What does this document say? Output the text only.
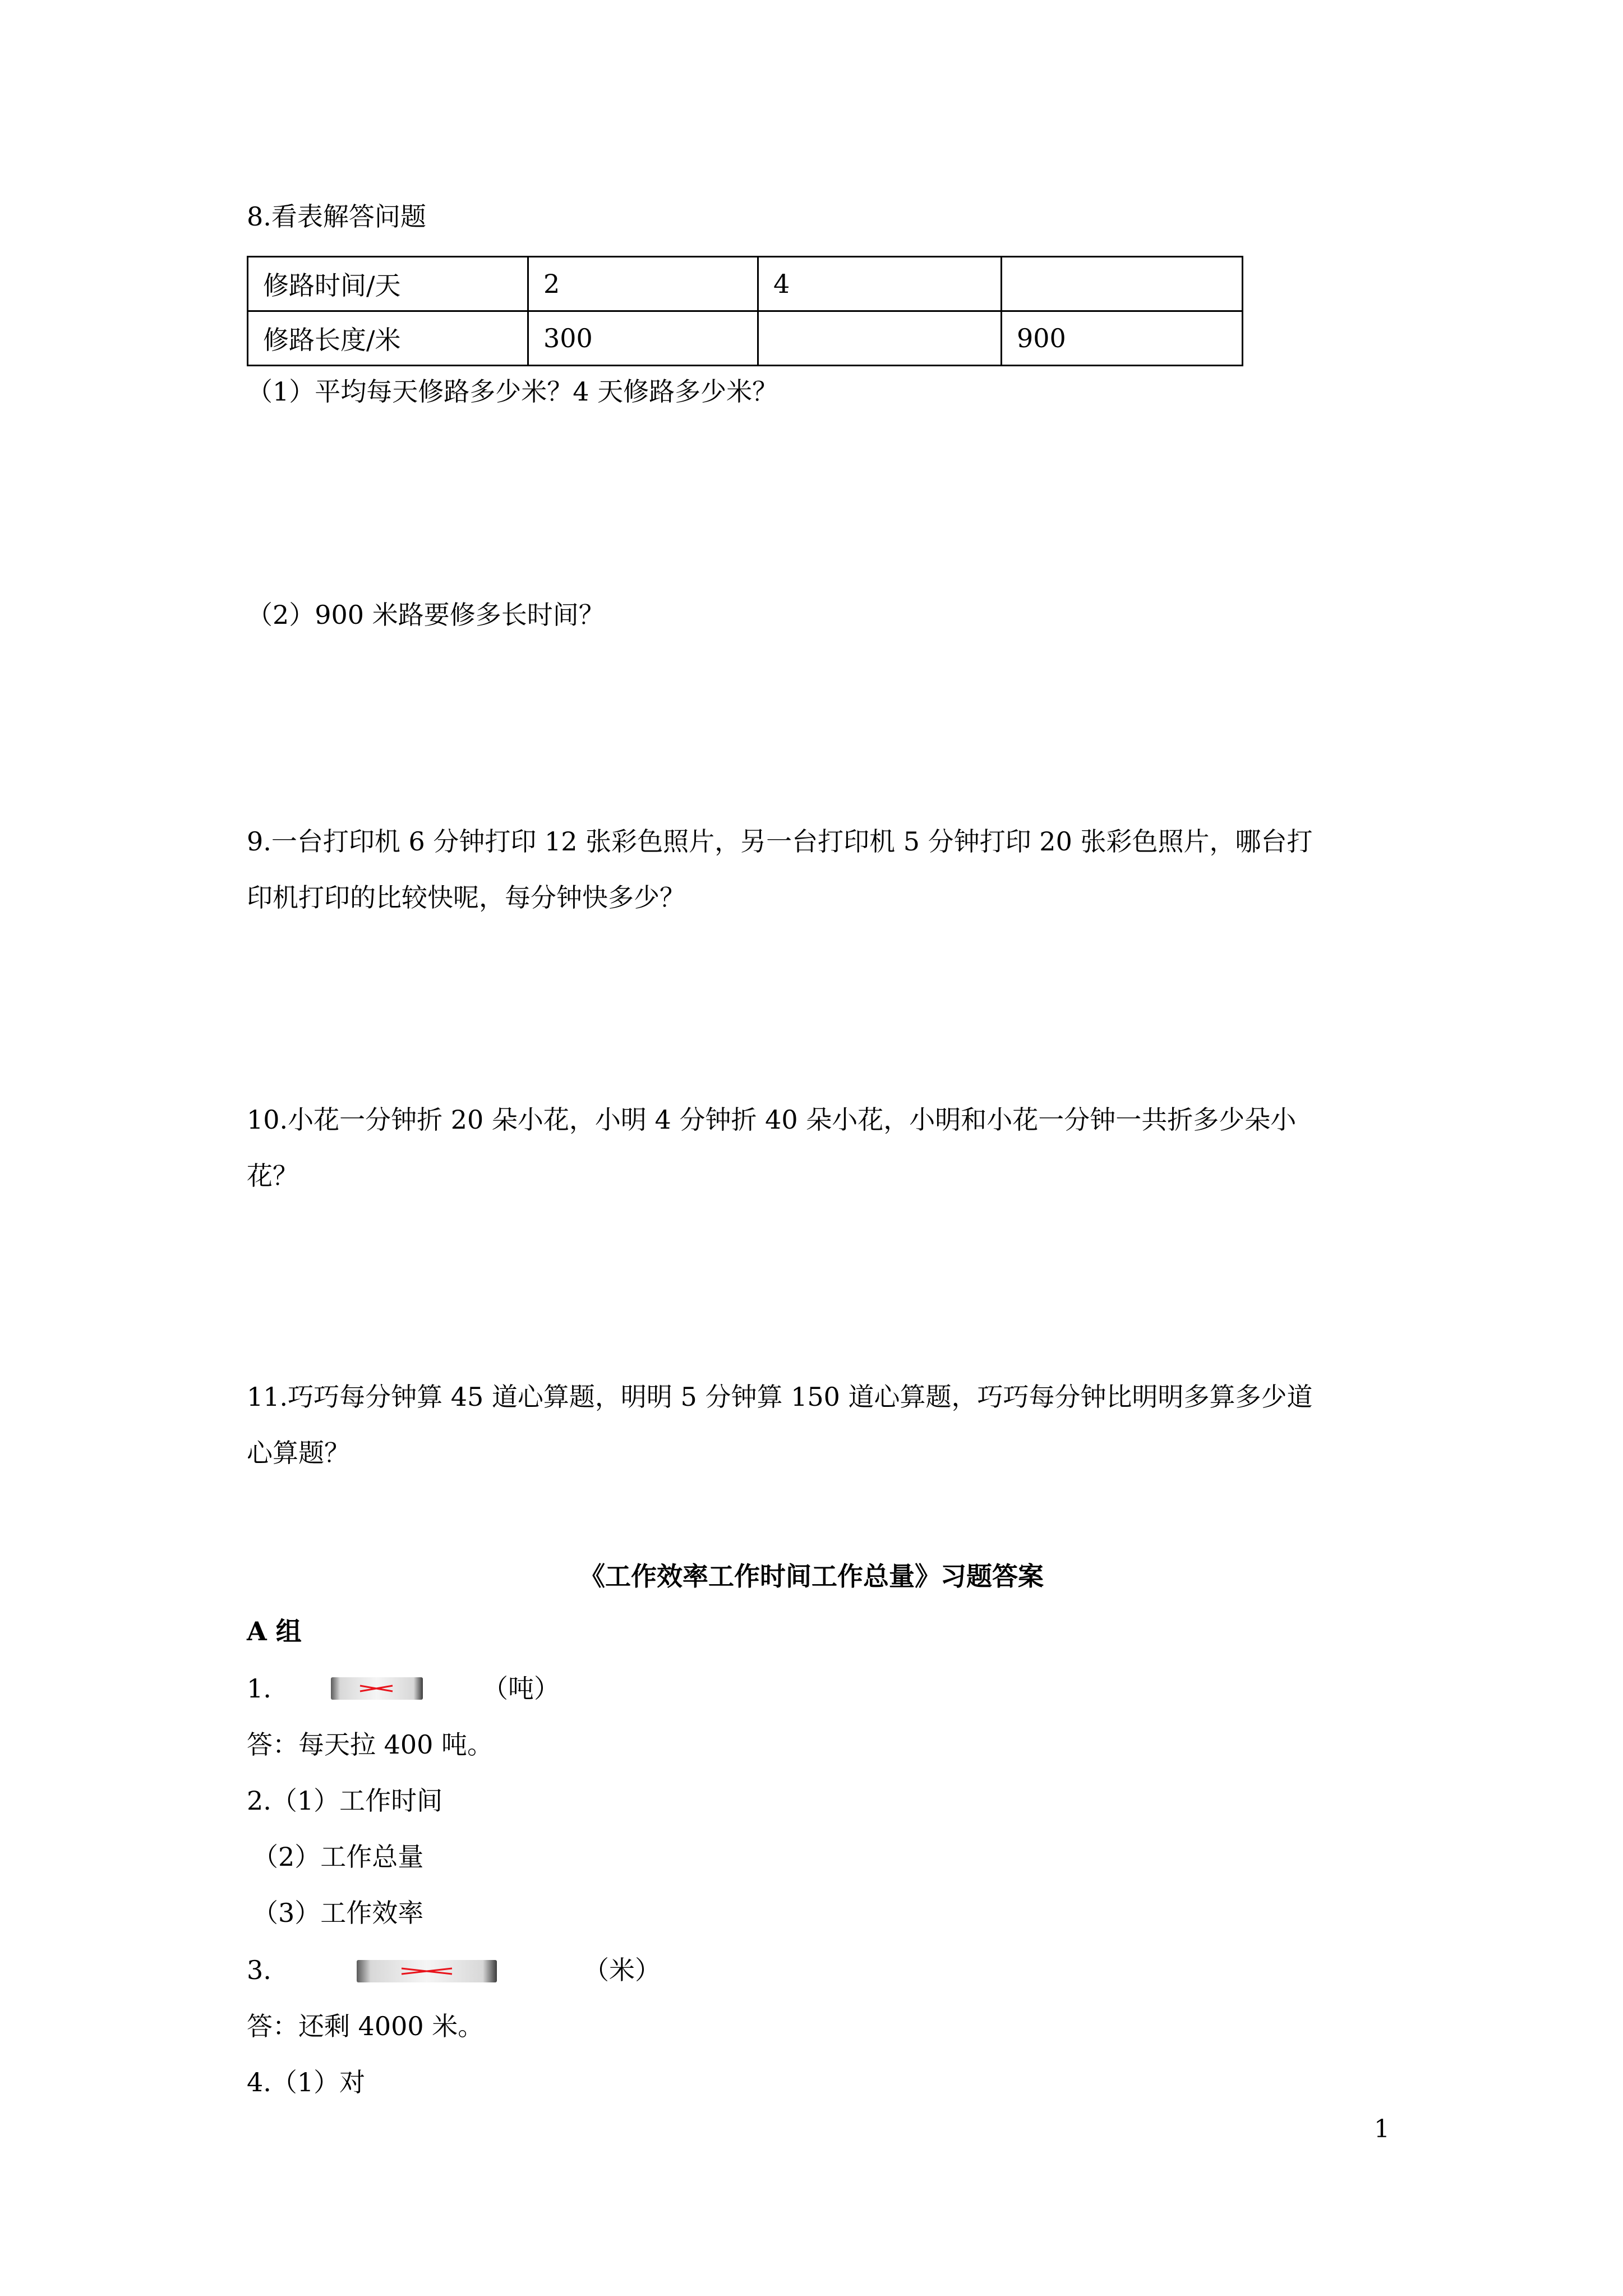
8.看表解答问题
修路时间/天	2	4	
修路长度/米	300		900
（1）平均每天修路多少米？4 天修路多少米？
（2）900 米路要修多长时间？
9.一台打印机 6 分钟打印 12 张彩色照片，另一台打印机 5 分钟打印 20 张彩色照片，哪台打
印机打印的比较快呢，每分钟快多少？
10.小花一分钟折 20 朵小花，小明 4 分钟折 40 朵小花，小明和小花一分钟一共折多少朵小
花？
11.巧巧每分钟算 45 道心算题，明明 5 分钟算 150 道心算题，巧巧每分钟比明明多算多少道
心算题？
《工作效率工作时间工作总量》习题答案
A 组
1.	（吨）
答：每天拉 400 吨。
2.（1）工作时间
（2）工作总量
（3）工作效率
3.	（米）
答：还剩 4000 米。
4.（1）对
1
